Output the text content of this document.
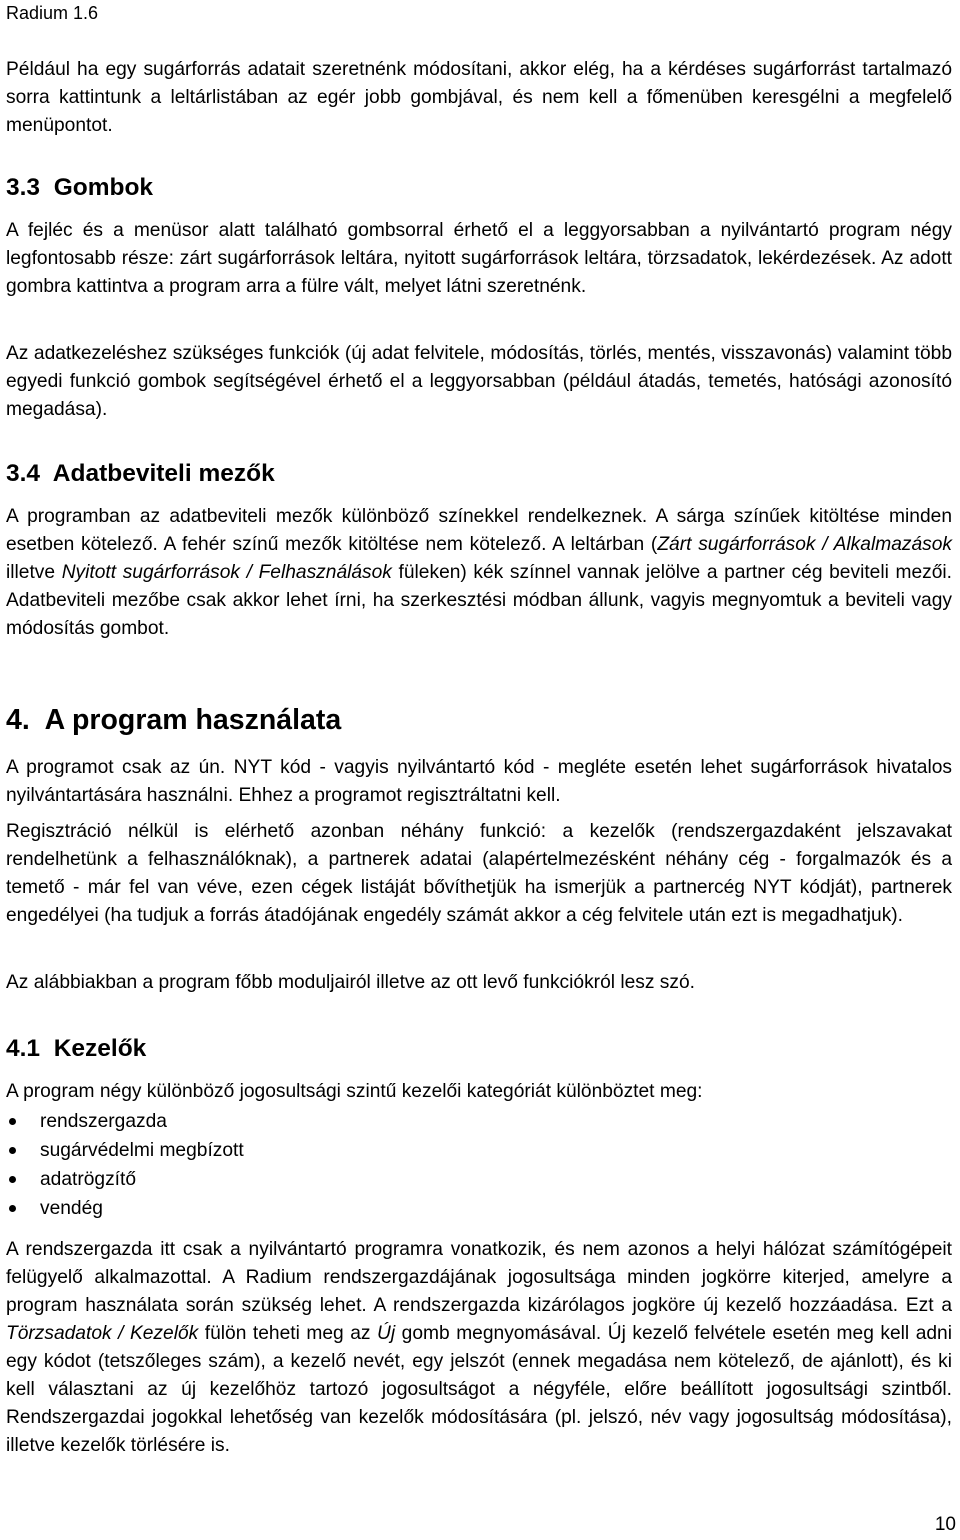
Radium 1.6

Például ha egy sugárforrás adatait szeretnénk módosítani, akkor elég, ha a kérdéses sugárforrást tartalmazó sorra kattintunk a leltárlistában az egér jobb gombjával, és nem kell a főmenüben keresgélni a megfelelő menüpontot.

3.3 Gombok

A fejléc és a menüsor alatt található gombsorral érhető el a leggyorsabban a nyilvántartó program négy legfontosabb része: zárt sugárforrások leltára, nyitott sugárforrások leltára, törzsadatok, lekérdezések. Az adott gombra kattintva a program arra a fülre vált, melyet látni szeretnénk.

Az adatkezeléshez szükséges funkciók (új adat felvitele, módosítás, törlés, mentés, visszavonás) valamint több egyedi funkció gombok segítségével érhető el a leggyorsabban (például átadás, temetés, hatósági azonosító megadása).

3.4 Adatbeviteli mezők

A programban az adatbeviteli mezők különböző színekkel rendelkeznek. A sárga színűek kitöltése minden esetben kötelező. A fehér színű mezők kitöltése nem kötelező. A leltárban (Zárt sugárforrások / Alkalmazások illetve Nyitott sugárforrások / Felhasználások füleken) kék színnel vannak jelölve a partner cég beviteli mezői. Adatbeviteli mezőbe csak akkor lehet írni, ha szerkesztési módban állunk, vagyis megnyomtuk a beviteli vagy módosítás gombot.

4. A program használata

A programot csak az ún. NYT kód - vagyis nyilvántartó kód - megléte esetén lehet sugárforrások hivatalos nyilvántartására használni. Ehhez a programot regisztráltatni kell.

Regisztráció nélkül is elérhető azonban néhány funkció: a kezelők (rendszergazdaként jelszavakat rendelhetünk a felhasználóknak), a partnerek adatai (alapértelmezésként néhány cég - forgalmazók és a temető - már fel van véve, ezen cégek listáját bővíthetjük ha ismerjük a partnercég NYT kódját), partnerek engedélyei (ha tudjuk a forrás átadójának engedély számát akkor a cég felvitele után ezt is megadhatjuk).

Az alábbiakban a program főbb moduljairól illetve az ott levő funkciókról lesz szó.

4.1 Kezelők

A program négy különböző jogosultsági szintű kezelői kategóriát különböztet meg:

rendszergazda
sugárvédelmi megbízott
adatrögzítő
vendég

A rendszergazda itt csak a nyilvántartó programra vonatkozik, és nem azonos a helyi hálózat számítógépeit felügyelő alkalmazottal. A Radium rendszergazdájának jogosultsága minden jogkörre kiterjed, amelyre a program használata során szükség lehet. A rendszergazda kizárólagos jogköre új kezelő hozzáadása. Ezt a Törzsadatok / Kezelők fülön teheti meg az Új gomb megnyomásával. Új kezelő felvétele esetén meg kell adni egy kódot (tetszőleges szám), a kezelő nevét, egy jelszót (ennek megadása nem kötelező, de ajánlott), és ki kell választani az új kezelőhöz tartozó jogosultságot a négyféle, előre beállított jogosultsági szintből. Rendszergazdai jogokkal lehetőség van kezelők módosítására (pl. jelszó, név vagy jogosultság módosítása), illetve kezelők törlésére is.

10
